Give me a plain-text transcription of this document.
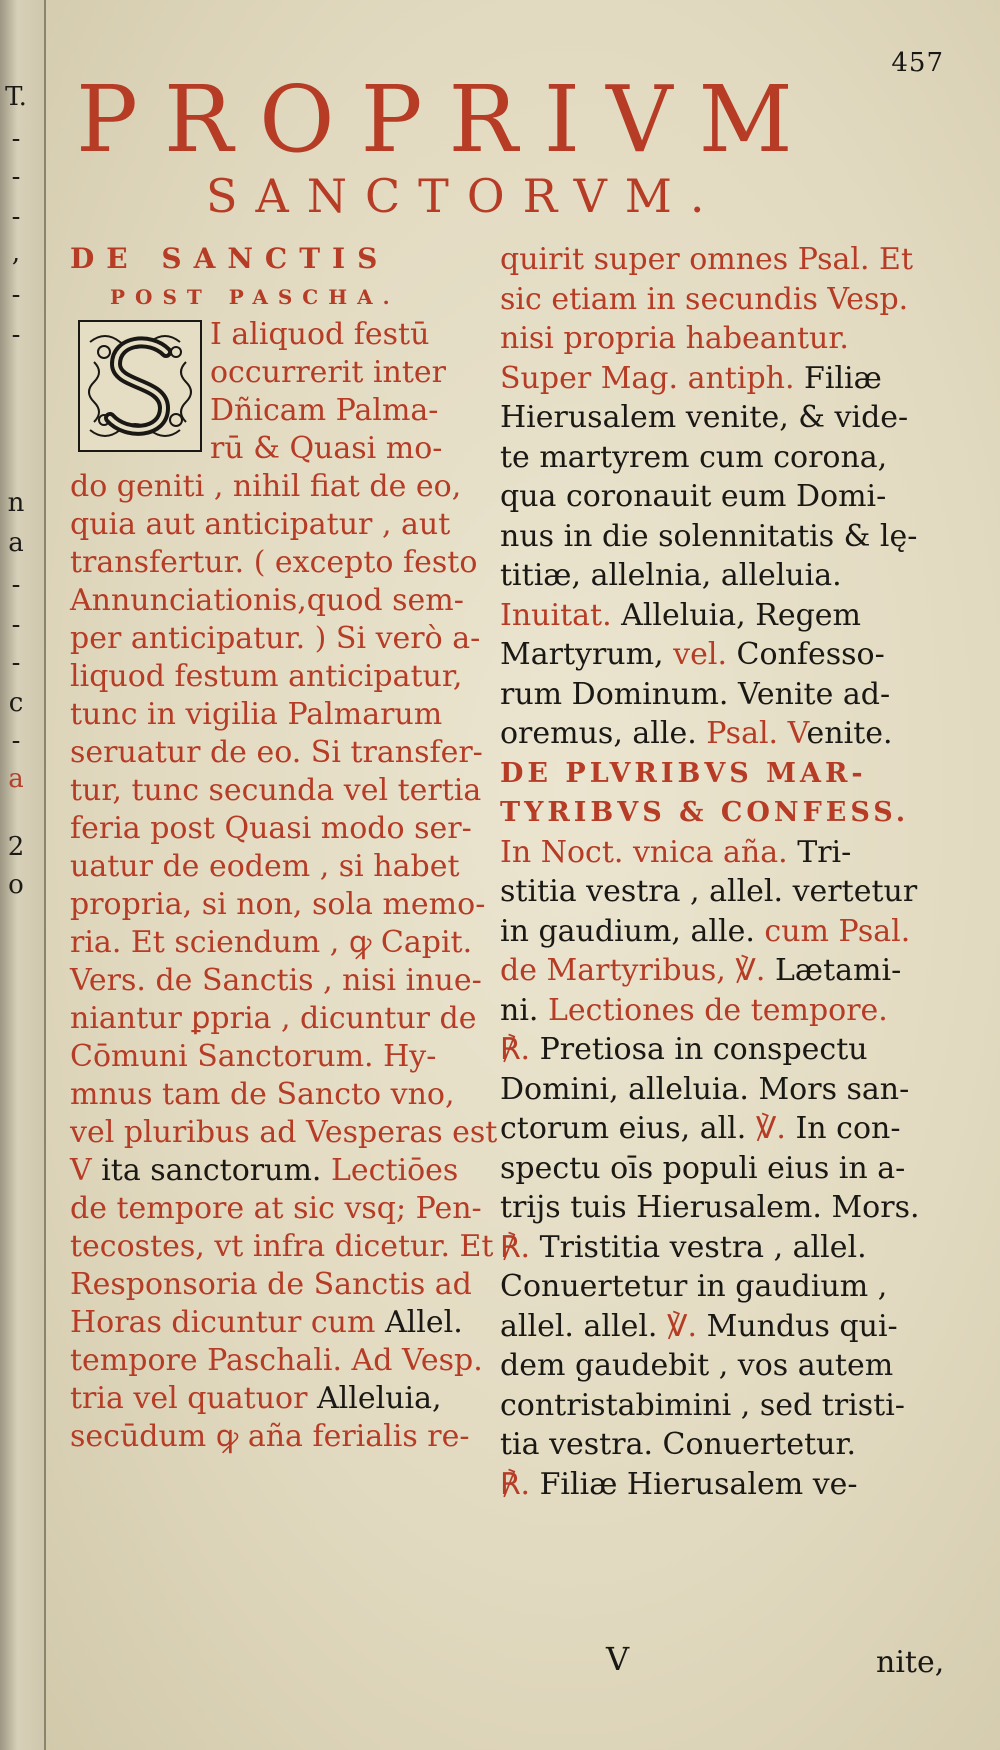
T.
-
-
-
,
-
-
n
a
-
-
-
c
-
a
2
o
457
PROPRIVM
SANCTORVM.
DE SANCTIS
POST PASCHA.
I aliquod festū
occurrerit inter
Dñicam Palma-
rū & Quasi mo-
do geniti , nihil fiat de eo,
quia aut anticipatur , aut
transfertur. ( excepto festo
Annunciationis,quod sem-
per anticipatur. ) Si verò a-
liquod festum anticipatur,
tunc in vigilia Palmarum
seruatur de eo. Si transfer-
tur, tunc secunda vel tertia
feria post Quasi modo ser-
uatur de eodem , si habet
propria, si non, sola memo-
ria. Et sciendum , ꝙ Capit.
Vers. de Sanctis , nisi inue-
niantur ꝑpria , dicuntur de
Cōmuni Sanctorum. Hy-
mnus tam de Sancto vno,
vel pluribus ad Vesperas est
V ita sanctorum. Lectiōes
de tempore at sic vsq; Pen-
tecostes, vt infra dicetur. Et
Responsoria de Sanctis ad
Horas dicuntur cum Allel.
tempore Paschali. Ad Vesp.
tria vel quatuor Alleluia,
secūdum ꝙ aña ferialis re-
quirit super omnes Psal. Et
sic etiam in secundis Vesp.
nisi propria habeantur.
Super Mag. antiph. Filiæ
Hierusalem venite, & vide-
te martyrem cum corona,
qua coronauit eum Domi-
nus in die solennitatis & lę-
titiæ, allelnia, alleluia.
Inuitat. Alleluia, Regem
Martyrum, vel. Confesso-
rum Dominum. Venite ad-
oremus, alle. Psal. Venite.
DE PLVRIBVS MAR-
TYRIBVS & CONFESS.
In Noct. vnica aña. Tri-
stitia vestra , allel. vertetur
in gaudium, alle. cum Psal.
de Martyribus, ℣. Lætami-
ni. Lectiones de tempore.
℟. Pretiosa in conspectu
Domini, alleluia. Mors san-
ctorum eius, all. ℣. In con-
spectu oīs populi eius in a-
trijs tuis Hierusalem. Mors.
℟. Tristitia vestra , allel.
Conuertetur in gaudium ,
allel. allel. ℣. Mundus qui-
dem gaudebit , vos autem
contristabimini , sed tristi-
tia vestra. Conuertetur.
℟. Filiæ Hierusalem ve-
V	nite,
